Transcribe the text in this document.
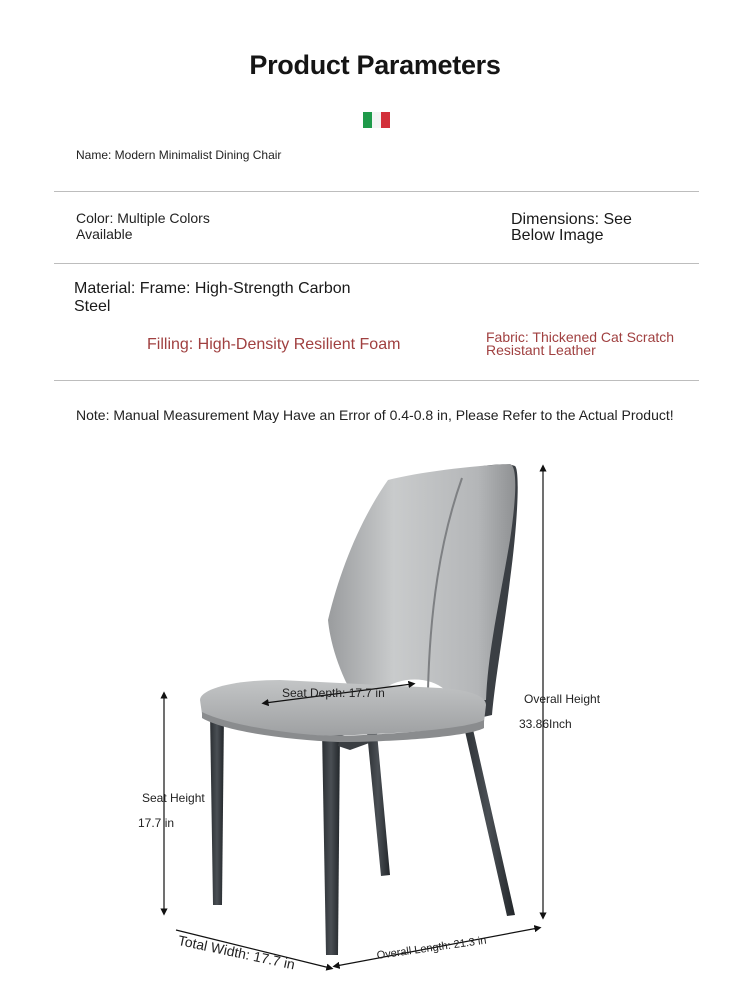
Product Parameters
Name: Modern Minimalist Dining Chair
Color: Multiple Colors Available
Dimensions: See Below Image
Material: Frame: High-Strength Carbon Steel
Filling: High-Density Resilient Foam	Fabric: Thickened Cat Scratch Resistant Leather
Note: Manual Measurement May Have an Error of 0.4-0.8 in, Please Refer to the Actual Product!
Seat Depth: 17.7 in	Overall Height
33.86Inch
Seat Height
17.7 in
Total Width: 17.7 in	Overall Length: 21.3 in
